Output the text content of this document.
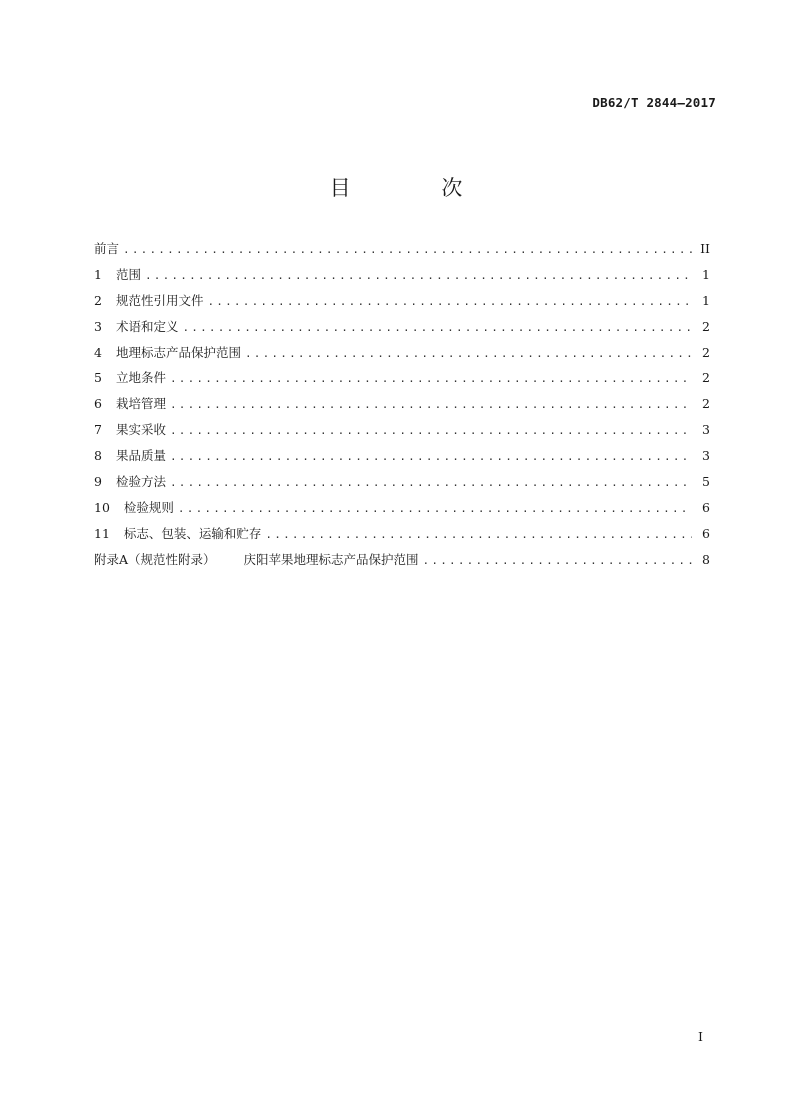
DB62/T 2844—2017
目 次
前言 .....	II
1 范围 .....	1
2 规范性引用文件 .....	1
3 术语和定义 .....	2
4 地理标志产品保护范围 .....	2
5 立地条件 .....	2
6 栽培管理 .....	2
7 果实采收 .....	3
8 果品质量 .....	3
9 检验方法 .....	5
10 检验规则 .....	6
11 标志、包装、运输和贮存 .....	6
附录A（规范性附录） 庆阳苹果地理标志产品保护范围 .....	8
I
